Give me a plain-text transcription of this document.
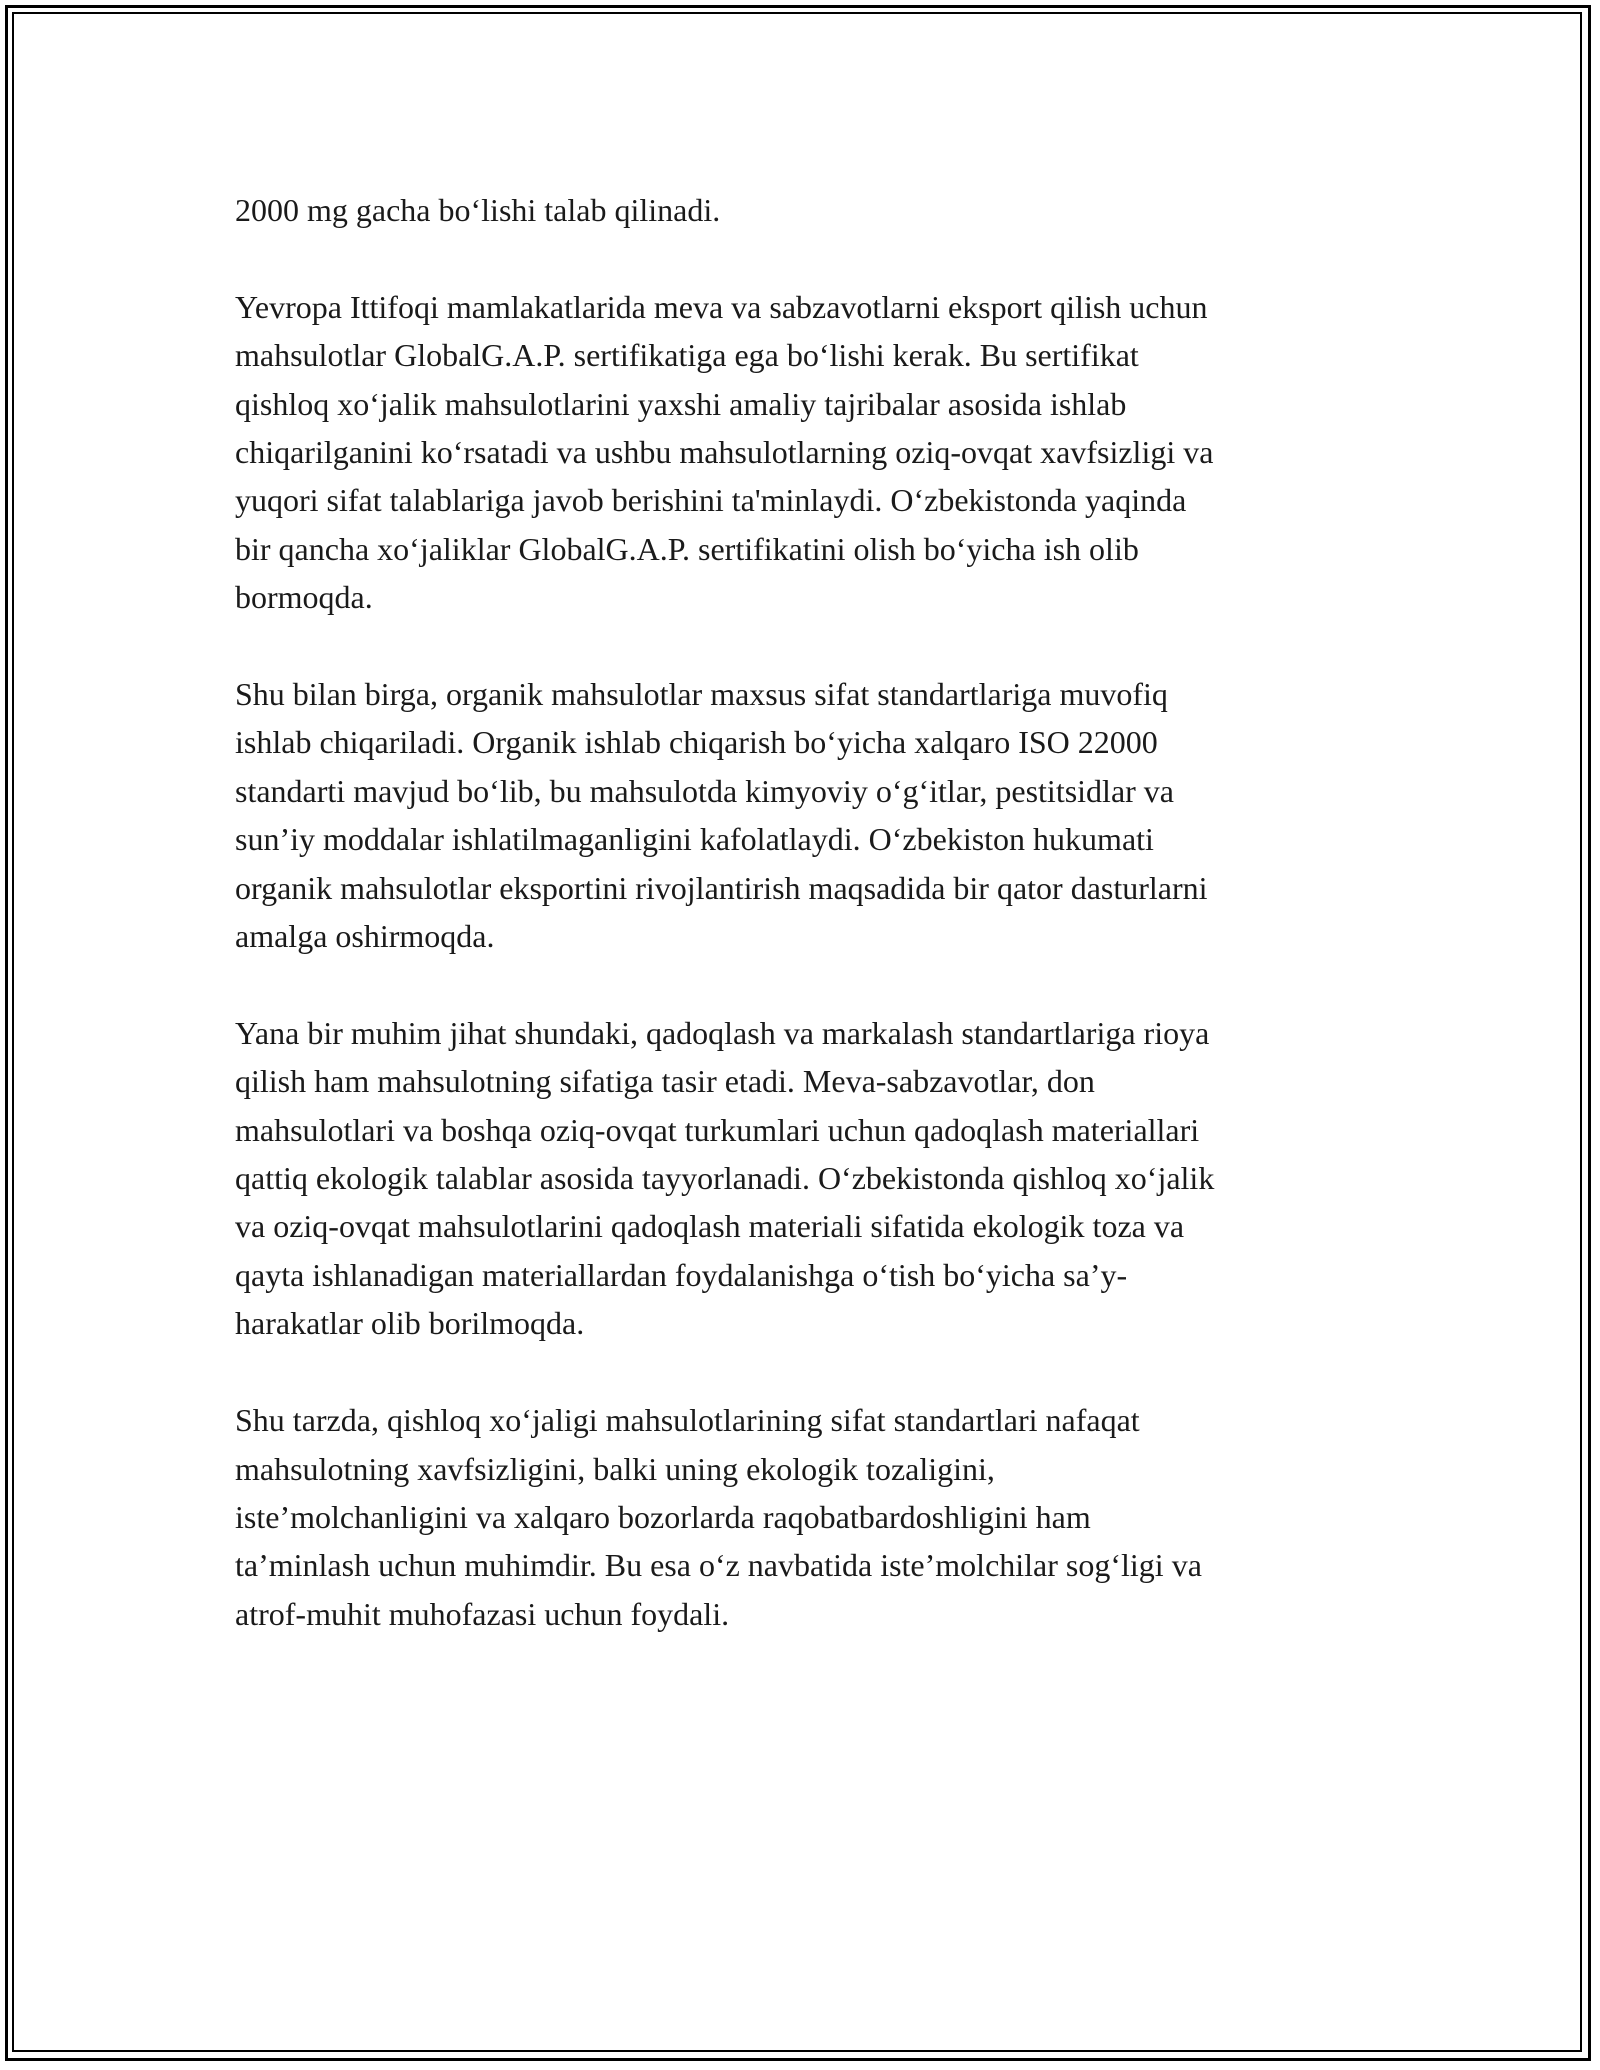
2000 mg gacha bo‘lishi talab qilinadi.

Yevropa Ittifoqi mamlakatlarida meva va sabzavotlarni eksport qilish uchun
mahsulotlar GlobalG.A.P. sertifikatiga ega bo‘lishi kerak. Bu sertifikat
qishloq xo‘jalik mahsulotlarini yaxshi amaliy tajribalar asosida ishlab
chiqarilganini ko‘rsatadi va ushbu mahsulotlarning oziq-ovqat xavfsizligi va
yuqori sifat talablariga javob berishini ta'minlaydi. O‘zbekistonda yaqinda
bir qancha xo‘jaliklar GlobalG.A.P. sertifikatini olish bo‘yicha ish olib
bormoqda.

Shu bilan birga, organik mahsulotlar maxsus sifat standartlariga muvofiq
ishlab chiqariladi. Organik ishlab chiqarish bo‘yicha xalqaro ISO 22000
standarti mavjud bo‘lib, bu mahsulotda kimyoviy o‘g‘itlar, pestitsidlar va
sun’iy moddalar ishlatilmaganligini kafolatlaydi. O‘zbekiston hukumati
organik mahsulotlar eksportini rivojlantirish maqsadida bir qator dasturlarni
amalga oshirmoqda.

Yana bir muhim jihat shundaki, qadoqlash va markalash standartlariga rioya
qilish ham mahsulotning sifatiga tasir etadi. Meva-sabzavotlar, don
mahsulotlari va boshqa oziq-ovqat turkumlari uchun qadoqlash materiallari
qattiq ekologik talablar asosida tayyorlanadi. O‘zbekistonda qishloq xo‘jalik
va oziq-ovqat mahsulotlarini qadoqlash materiali sifatida ekologik toza va
qayta ishlanadigan materiallardan foydalanishga o‘tish bo‘yicha sa’y-
harakatlar olib borilmoqda.

Shu tarzda, qishloq xo‘jaligi mahsulotlarining sifat standartlari nafaqat
mahsulotning xavfsizligini, balki uning ekologik tozaligini,
iste’molchanligini va xalqaro bozorlarda raqobatbardoshligini ham
ta’minlash uchun muhimdir. Bu esa o‘z navbatida iste’molchilar sog‘ligi va
atrof-muhit muhofazasi uchun foydali.
